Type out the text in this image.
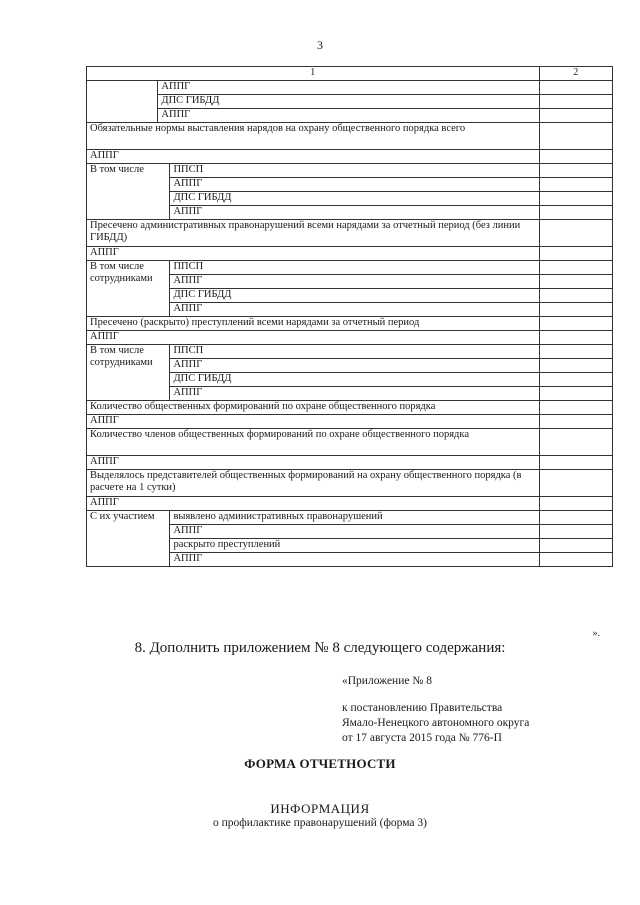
3
1			2
	АППГ		
	ДПС ГИБДД		
	АППГ		
Обязательные нормы выставления нарядов на охрану общественного порядка всего			
АППГ			
В том числе		ППСП	
		АППГ	
		ДПС ГИБДД	
		АППГ	
Пресечено административных правонарушений всеми нарядами за отчетный период (без линии ГИБДД)			
АППГ			
В том числе сотрудниками		ППСП	
		АППГ	
		ДПС ГИБДД	
		АППГ	
Пресечено (раскрыто) преступлений всеми нарядами за отчетный период			
АППГ			
В том числе сотрудниками		ППСП	
		АППГ	
		ДПС ГИБДД	
		АППГ	
Количество общественных формирований по охране общественного порядка			
АППГ			
Количество членов общественных формирований по охране общественного порядка			
АППГ			
Выделялось представителей общественных формирований на охрану общественного порядка (в расчете на 1 сутки)			
АППГ			
С их участием		выявлено административных правонарушений	
		АППГ	
		раскрыто преступлений	
		АППГ	
».
8. Дополнить приложением № 8 следующего содержания:
«Приложение № 8
к постановлению Правительства
Ямало-Ненецкого автономного округа
от 17 августа 2015 года № 776-П
ФОРМА ОТЧЕТНОСТИ
ИНФОРМАЦИЯ
о профилактике правонарушений (форма 3)
